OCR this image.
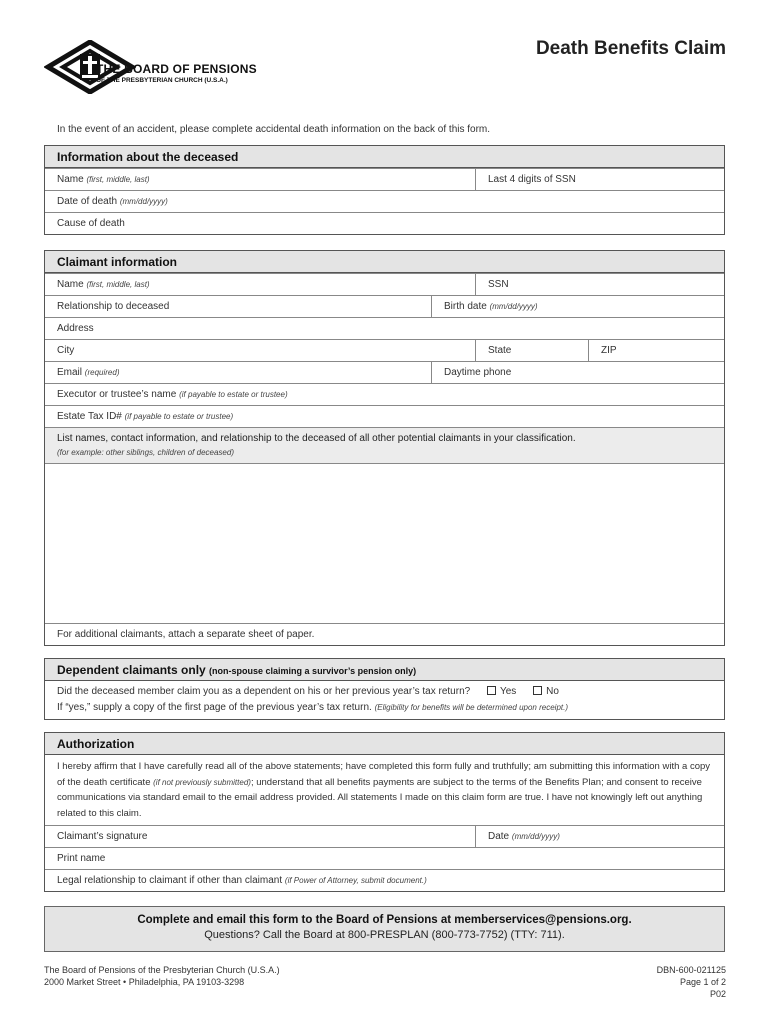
THE BOARD OF PENSIONS
OF THE PRESBYTERIAN CHURCH (U.S.A.)
Death Benefits Claim
In the event of an accident, please complete accidental death information on the back of this form.
Information about the deceased
Name (first, middle, last)	Last 4 digits of SSN
Date of death (mm/dd/yyyy)
Cause of death
Claimant information
Name (first, middle, last)	SSN
Relationship to deceased	Birth date (mm/dd/yyyy)
Address
City	State	ZIP
Email (required)	Daytime phone
Executor or trustee’s name (if payable to estate or trustee)
Estate Tax ID# (if payable to estate or trustee)
List names, contact information, and relationship to the deceased of all other potential claimants in your classification.
(for example: other siblings, children of deceased)
For additional claimants, attach a separate sheet of paper.
Dependent claimants only (non-spouse claiming a survivor’s pension only)
Did the deceased member claim you as a dependent on his or her previous year’s tax return?	Yes	No
If “yes,” supply a copy of the first page of the previous year’s tax return. (Eligibility for benefits will be determined upon receipt.)
Authorization
I hereby affirm that I have carefully read all of the above statements; have completed this form fully and truthfully; am submitting this information with a copy of the death certificate (if not previously submitted); understand that all benefits payments are subject to the terms of the Benefits Plan; and consent to receive communications via standard email to the email address provided. All statements I made on this claim form are true. I have not knowingly left out anything related to this claim.
Claimant’s signature	Date (mm/dd/yyyy)
Print name
Legal relationship to claimant if other than claimant (if Power of Attorney, submit document.)
Complete and email this form to the Board of Pensions at memberservices@pensions.org.
Questions? Call the Board at 800-PRESPLAN (800-773-7752) (TTY: 711).
The Board of Pensions of the Presbyterian Church (U.S.A.)
2000 Market Street • Philadelphia, PA 19103-3298
DBN-600-021125
Page 1 of 2
P02
